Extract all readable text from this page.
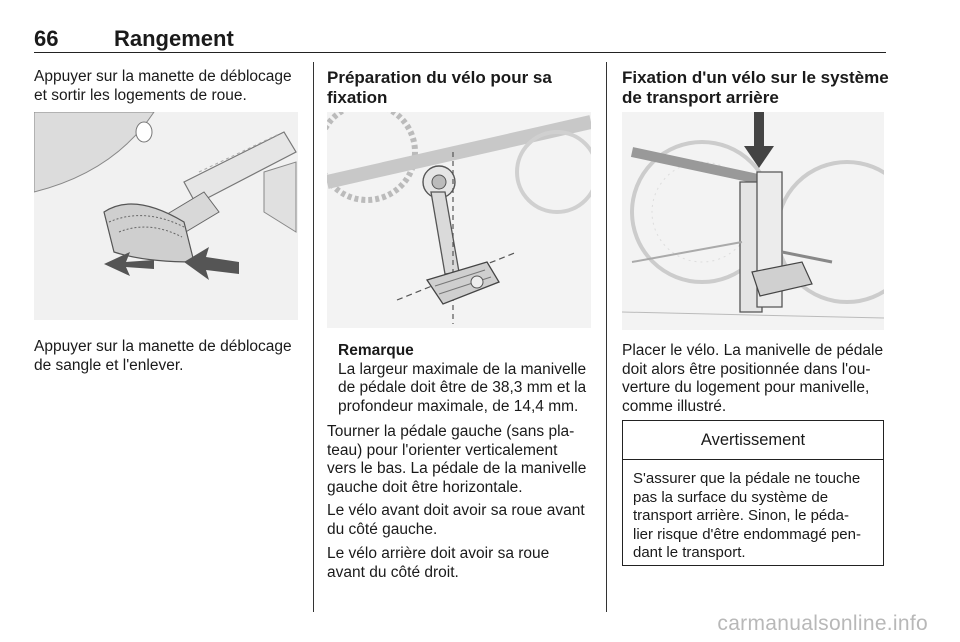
66	Rangement

Appuyer sur la manette de déblocage

et sortir les logements de roue.

Appuyer sur la manette de déblocage

de sangle et l'enlever.

Préparation du vélo pour sa
fixation

Remarque

La largeur maximale de la manivelle

de pédale doit être de 38,3 mm et la

profondeur maximale, de 14,4 mm.

Tourner la pédale gauche (sans pla-

teau) pour l'orienter verticalement

vers le bas. La pédale de la manivelle

gauche doit être horizontale.

Le vélo avant doit avoir sa roue avant

du côté gauche.

Le vélo arrière doit avoir sa roue

avant du côté droit.

Fixation d'un vélo sur le système
de transport arrière

Placer le vélo. La manivelle de pédale

doit alors être positionnée dans l'ou-

verture du logement pour manivelle,

comme illustré.

Avertissement
S'assurer que la pédale ne touche
pas la surface du système de
transport arrière. Sinon, le péda-
lier risque d'être endommagé pen-
dant le transport.
carmanualsonline.info
